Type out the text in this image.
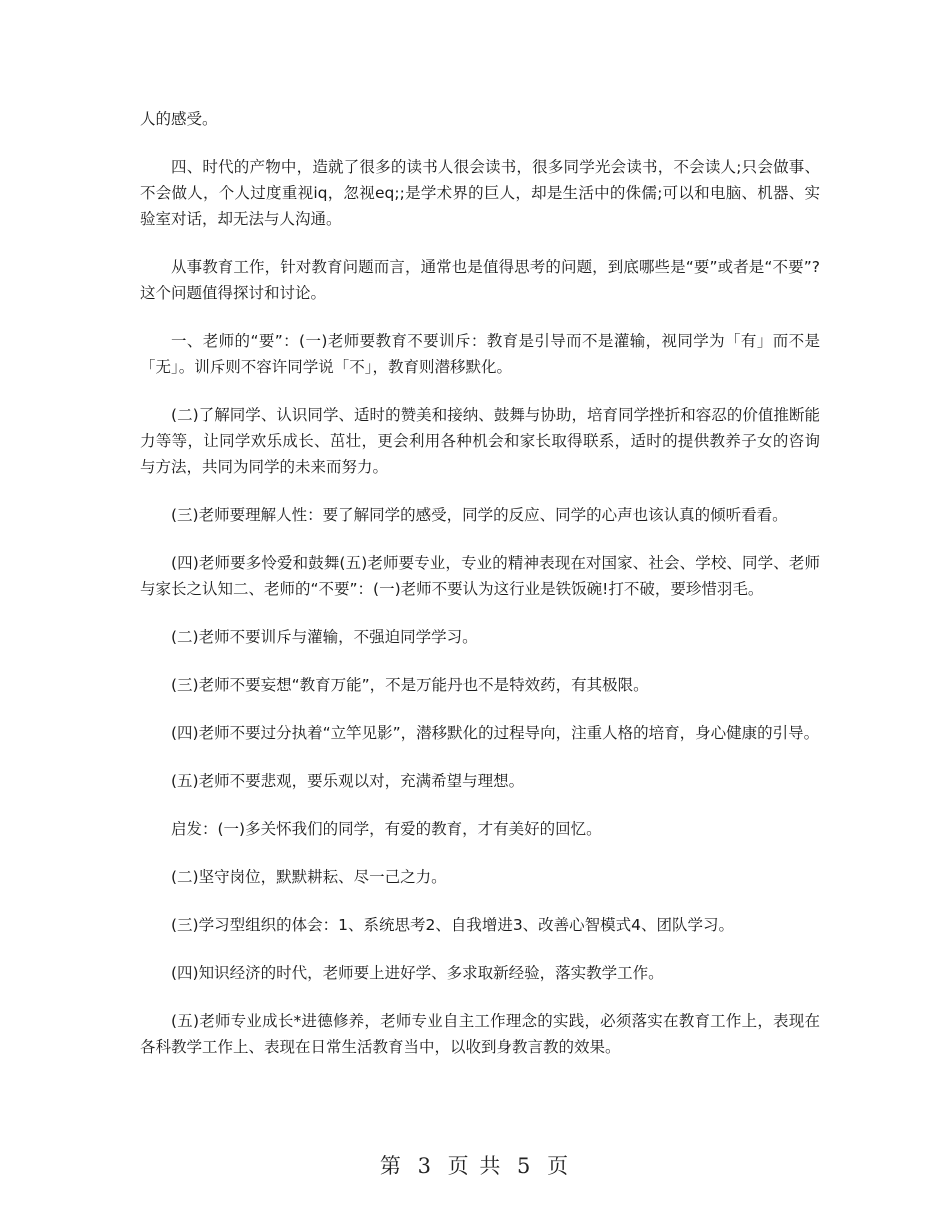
人的感受。

四、时代的产物中，造就了很多的读书人很会读书，很多同学光会读书，不会读人;只会做事、不会做人，个人过度重视iq，忽视eq;;是学术界的巨人，却是生活中的侏儒;可以和电脑、机器、实验室对话，却无法与人沟通。

从事教育工作，针对教育问题而言，通常也是值得思考的问题，到底哪些是“要”或者是“不要”?这个问题值得探讨和讨论。

一、老师的“要”：(一)老师要教育不要训斥：教育是引导而不是灌输，视同学为「有」而不是「无」。训斥则不容许同学说「不」，教育则潜移默化。

(二)了解同学、认识同学、适时的赞美和接纳、鼓舞与协助，培育同学挫折和容忍的价值推断能力等等，让同学欢乐成长、茁壮，更会利用各种机会和家长取得联系，适时的提供教养子女的咨询与方法，共同为同学的未来而努力。

(三)老师要理解人性：要了解同学的感受，同学的反应、同学的心声也该认真的倾听看看。

(四)老师要多怜爱和鼓舞(五)老师要专业，专业的精神表现在对国家、社会、学校、同学、老师与家长之认知二、老师的“不要”：(一)老师不要认为这行业是铁饭碗!打不破，要珍惜羽毛。

(二)老师不要训斥与灌输，不强迫同学学习。

(三)老师不要妄想“教育万能”，不是万能丹也不是特效药，有其极限。

(四)老师不要过分执着“立竿见影”，潜移默化的过程导向，注重人格的培育，身心健康的引导。

(五)老师不要悲观，要乐观以对，充满希望与理想。

启发：(一)多关怀我们的同学，有爱的教育，才有美好的回忆。

(二)坚守岗位，默默耕耘、尽一己之力。

(三)学习型组织的体会：1、系统思考2、自我增进3、改善心智模式4、团队学习。

(四)知识经济的时代，老师要上进好学、多求取新经验，落实教学工作。

(五)老师专业成长*进德修养，老师专业自主工作理念的实践，必须落实在教育工作上，表现在各科教学工作上、表现在日常生活教育当中，以收到身教言教的效果。

第 3 页 共 5 页
